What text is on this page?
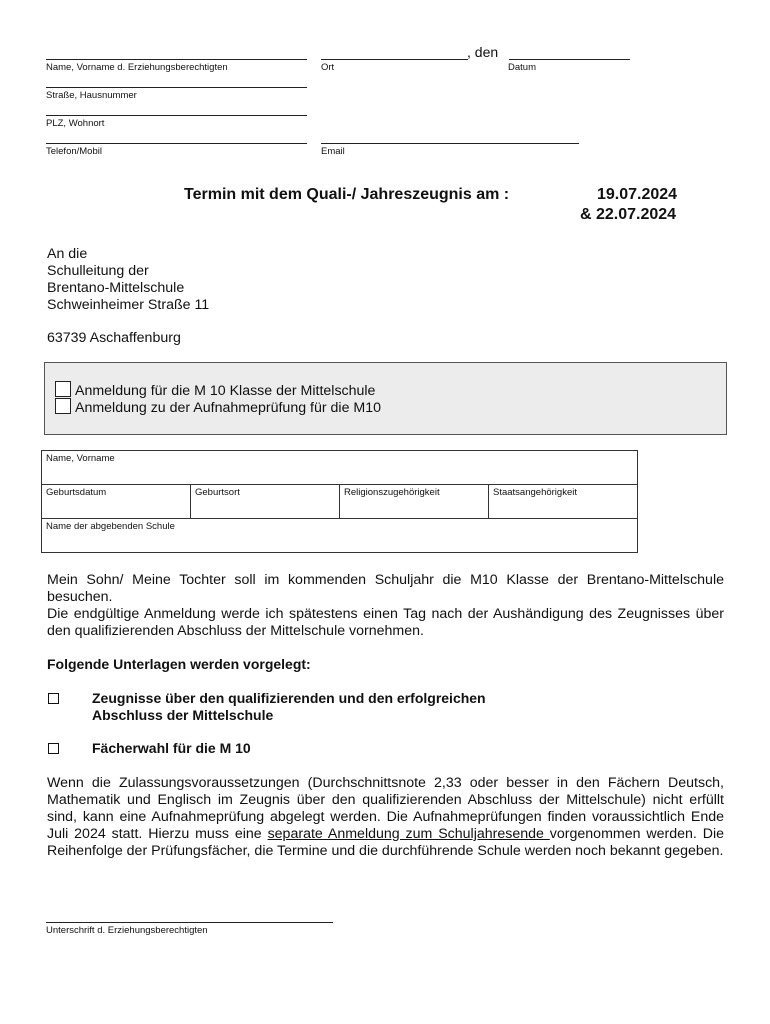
Name, Vorname d. Erziehungsberechtigten
, den
Ort	Datum
Straße, Hausnummer
PLZ, Wohnort
Telefon/Mobil	Email
Termin mit dem Quali-/ Jahreszeugnis am :	19.07.2024
& 22.07.2024
An die
Schulleitung der
Brentano-Mittelschule
Schweinheimer Straße 11
63739 Aschaffenburg
Anmeldung für die M 10 Klasse der Mittelschule
Anmeldung zu der Aufnahmeprüfung für die M10
Name, Vorname
Geburtsdatum	Geburtsort	Religionszugehörigkeit	Staatsangehörigkeit
Name der abgebenden Schule
Mein Sohn/ Meine Tochter soll im kommenden Schuljahr die M10 Klasse der Brentano-Mittelschule besuchen.
Die endgültige Anmeldung werde ich spätestens einen Tag nach der Aushändigung des Zeugnisses über den qualifizierenden Abschluss der Mittelschule vornehmen.
Folgende Unterlagen werden vorgelegt:
Zeugnisse über den qualifizierenden und den erfolgreichen
Abschluss der Mittelschule
Fächerwahl für die M 10
Wenn die Zulassungsvoraussetzungen (Durchschnittsnote 2,33 oder besser in den Fächern Deutsch, Mathematik und Englisch im Zeugnis über den qualifizierenden Abschluss der Mittelschule) nicht erfüllt sind, kann eine Aufnahmeprüfung abgelegt werden. Die Aufnahmeprüfungen finden voraussichtlich Ende Juli 2024 statt. Hierzu muss eine separate Anmeldung zum Schuljahresende vorgenommen werden. Die Reihenfolge der Prüfungsfächer, die Termine und die durchführende Schule werden noch bekannt gegeben.
Unterschrift d. Erziehungsberechtigten
